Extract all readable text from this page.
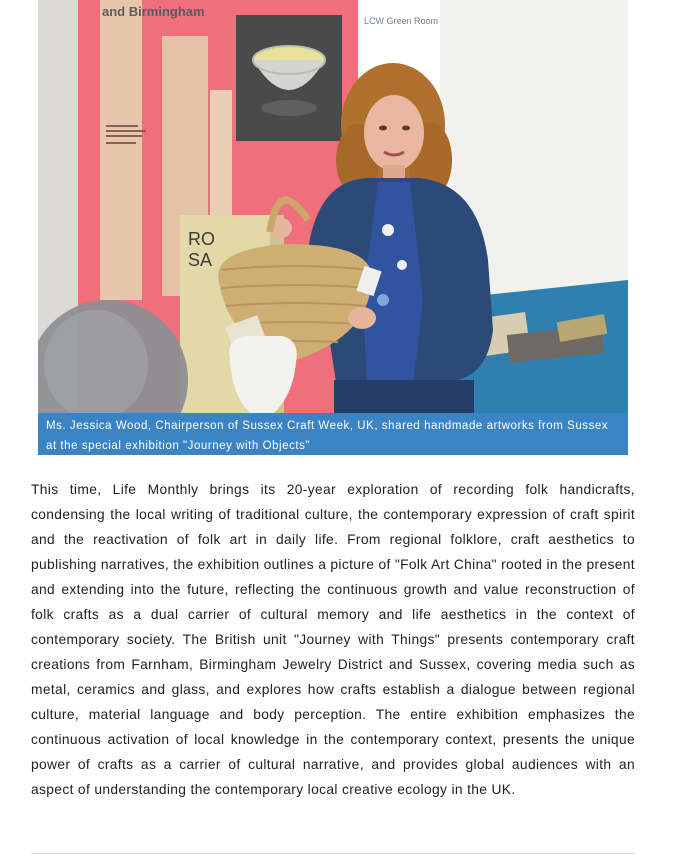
LCW Green Room
and Birmingham
RO
SA
Ms. Jessica Wood, Chairperson of Sussex Craft Week, UK, shared handmade artworks from Sussex
at the special exhibition "Journey with Objects"

This time, Life Monthly brings its 20-year exploration of recording folk handicrafts, condensing the local writing of traditional culture, the contemporary expression of craft spirit and the reactivation of folk art in daily life. From regional folklore, craft aesthetics to publishing narratives, the exhibition outlines a picture of "Folk Art China" rooted in the present and extending into the future, reflecting the continuous growth and value reconstruction of folk crafts as a dual carrier of cultural memory and life aesthetics in the context of contemporary society. The British unit "Journey with Things" presents contemporary craft creations from Farnham, Birmingham Jewelry District and Sussex, covering media such as metal, ceramics and glass, and explores how crafts establish a dialogue between regional culture, material language and body perception. The entire exhibition emphasizes the continuous activation of local knowledge in the contemporary context, presents the unique power of crafts as a carrier of cultural narrative, and provides global audiences with an aspect of understanding the contemporary local creative ecology in the UK.
